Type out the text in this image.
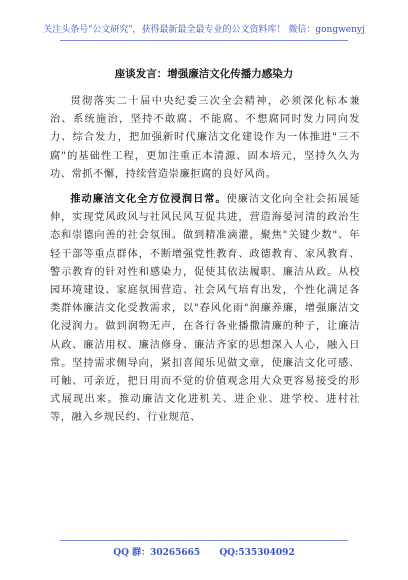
关注头条号"公文研究"，获得最新最全最专业的公文资料库！ 微信：gongwenyj
座谈发言：增强廉洁文化传播力感染力

贯彻落实二十届中央纪委三次全会精神，必须深化标本兼治、系统施治，坚持不敢腐、不能腐、不想腐同时发力同向发力、综合发力，把加强新时代廉洁文化建设作为一体推进"三不腐"的基础性工程，更加注重正本清源、固本培元，坚持久久为功、常抓不懈，持续营造崇廉拒腐的良好风尚。

推动廉洁文化全方位浸润日常。使廉洁文化向全社会拓展延伸，实现党风政风与社风民风互促共进，营造海晏河清的政治生态和崇德向善的社会氛围。做到精准滴灌，聚焦"关键少数"、年轻干部等重点群体，不断增强党性教育、政德教育、家风教育、警示教育的针对性和感染力，促使其依法履职、廉洁从政。从校园环境建设、家庭氛围营造、社会风气培育出发，个性化满足各类群体廉洁文化受教需求，以"春风化雨"润廉养廉，增强廉洁文化浸润力。做到润物无声，在各行各业播撒清廉的种子，让廉洁从政、廉洁用权、廉洁修身、廉洁齐家的思想深入人心，融入日常。坚持需求侧导向，紧扣喜闻乐见做文章，使廉洁文化可感、可触、可亲近，把日用而不觉的价值观念用大众更容易接受的形式展现出来。推动廉洁文化进机关、进企业、进学校、进村社等，融入乡规民约、行业规范、

QQ 群：30265665 QQ:535304092
